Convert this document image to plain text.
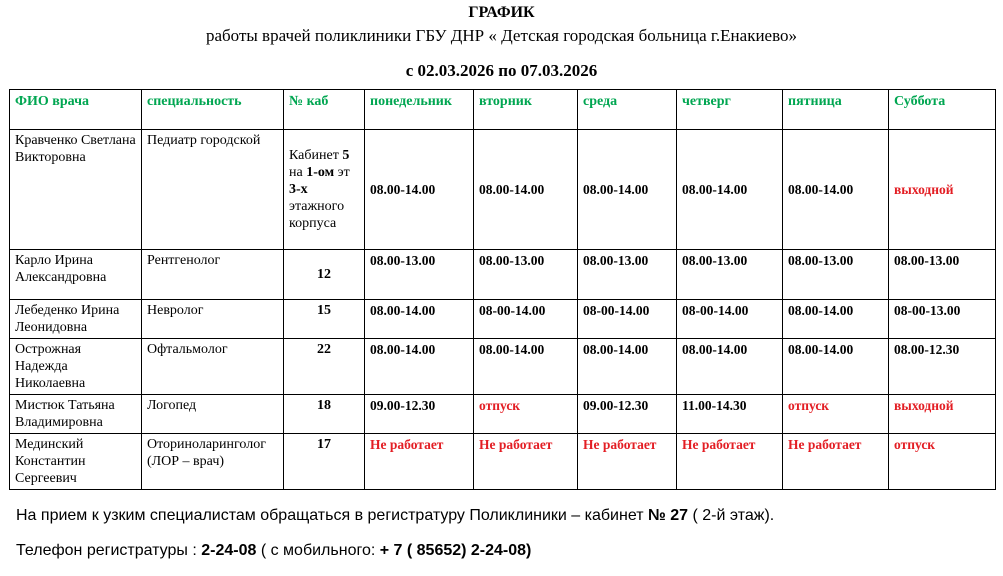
ГРАФИК
работы врачей поликлиники ГБУ ДНР « Детская городская больница г.Енакиево»
с 02.03.2026 по 07.03.2026
ФИО врача	специальность	№ каб	понедельник	вторник	среда	четверг	пятница	Суббота
Кравченко Светлана Викторовна	Педиатр городской	Кабинет 5 на 1-ом эт 3-х этажного корпуса	08.00-14.00	08.00-14.00	08.00-14.00	08.00-14.00	08.00-14.00	выходной
Карло Ирина Александровна	Рентгенолог	12	08.00-13.00	08.00-13.00	08.00-13.00	08.00-13.00	08.00-13.00	08.00-13.00
Лебеденко Ирина Леонидовна	Невролог	15	08.00-14.00	08-00-14.00	08-00-14.00	08-00-14.00	08.00-14.00	08-00-13.00
Острожная Надежда Николаевна	Офтальмолог	22	08.00-14.00	08.00-14.00	08.00-14.00	08.00-14.00	08.00-14.00	08.00-12.30
Мистюк Татьяна Владимировна	Логопед	18	09.00-12.30	отпуск	09.00-12.30	11.00-14.30	отпуск	выходной
Мединский Константин Сергеевич	Оториноларинголог (ЛОР – врач)	17	Не работает	Не работает	Не работает	Не работает	Не работает	отпуск
На прием к узким специалистам обращаться в регистратуру Поликлиники – кабинет № 27 ( 2-й этаж).
Телефон регистратуры : 2-24-08 ( с мобильного: + 7 ( 85652) 2-24-08)
